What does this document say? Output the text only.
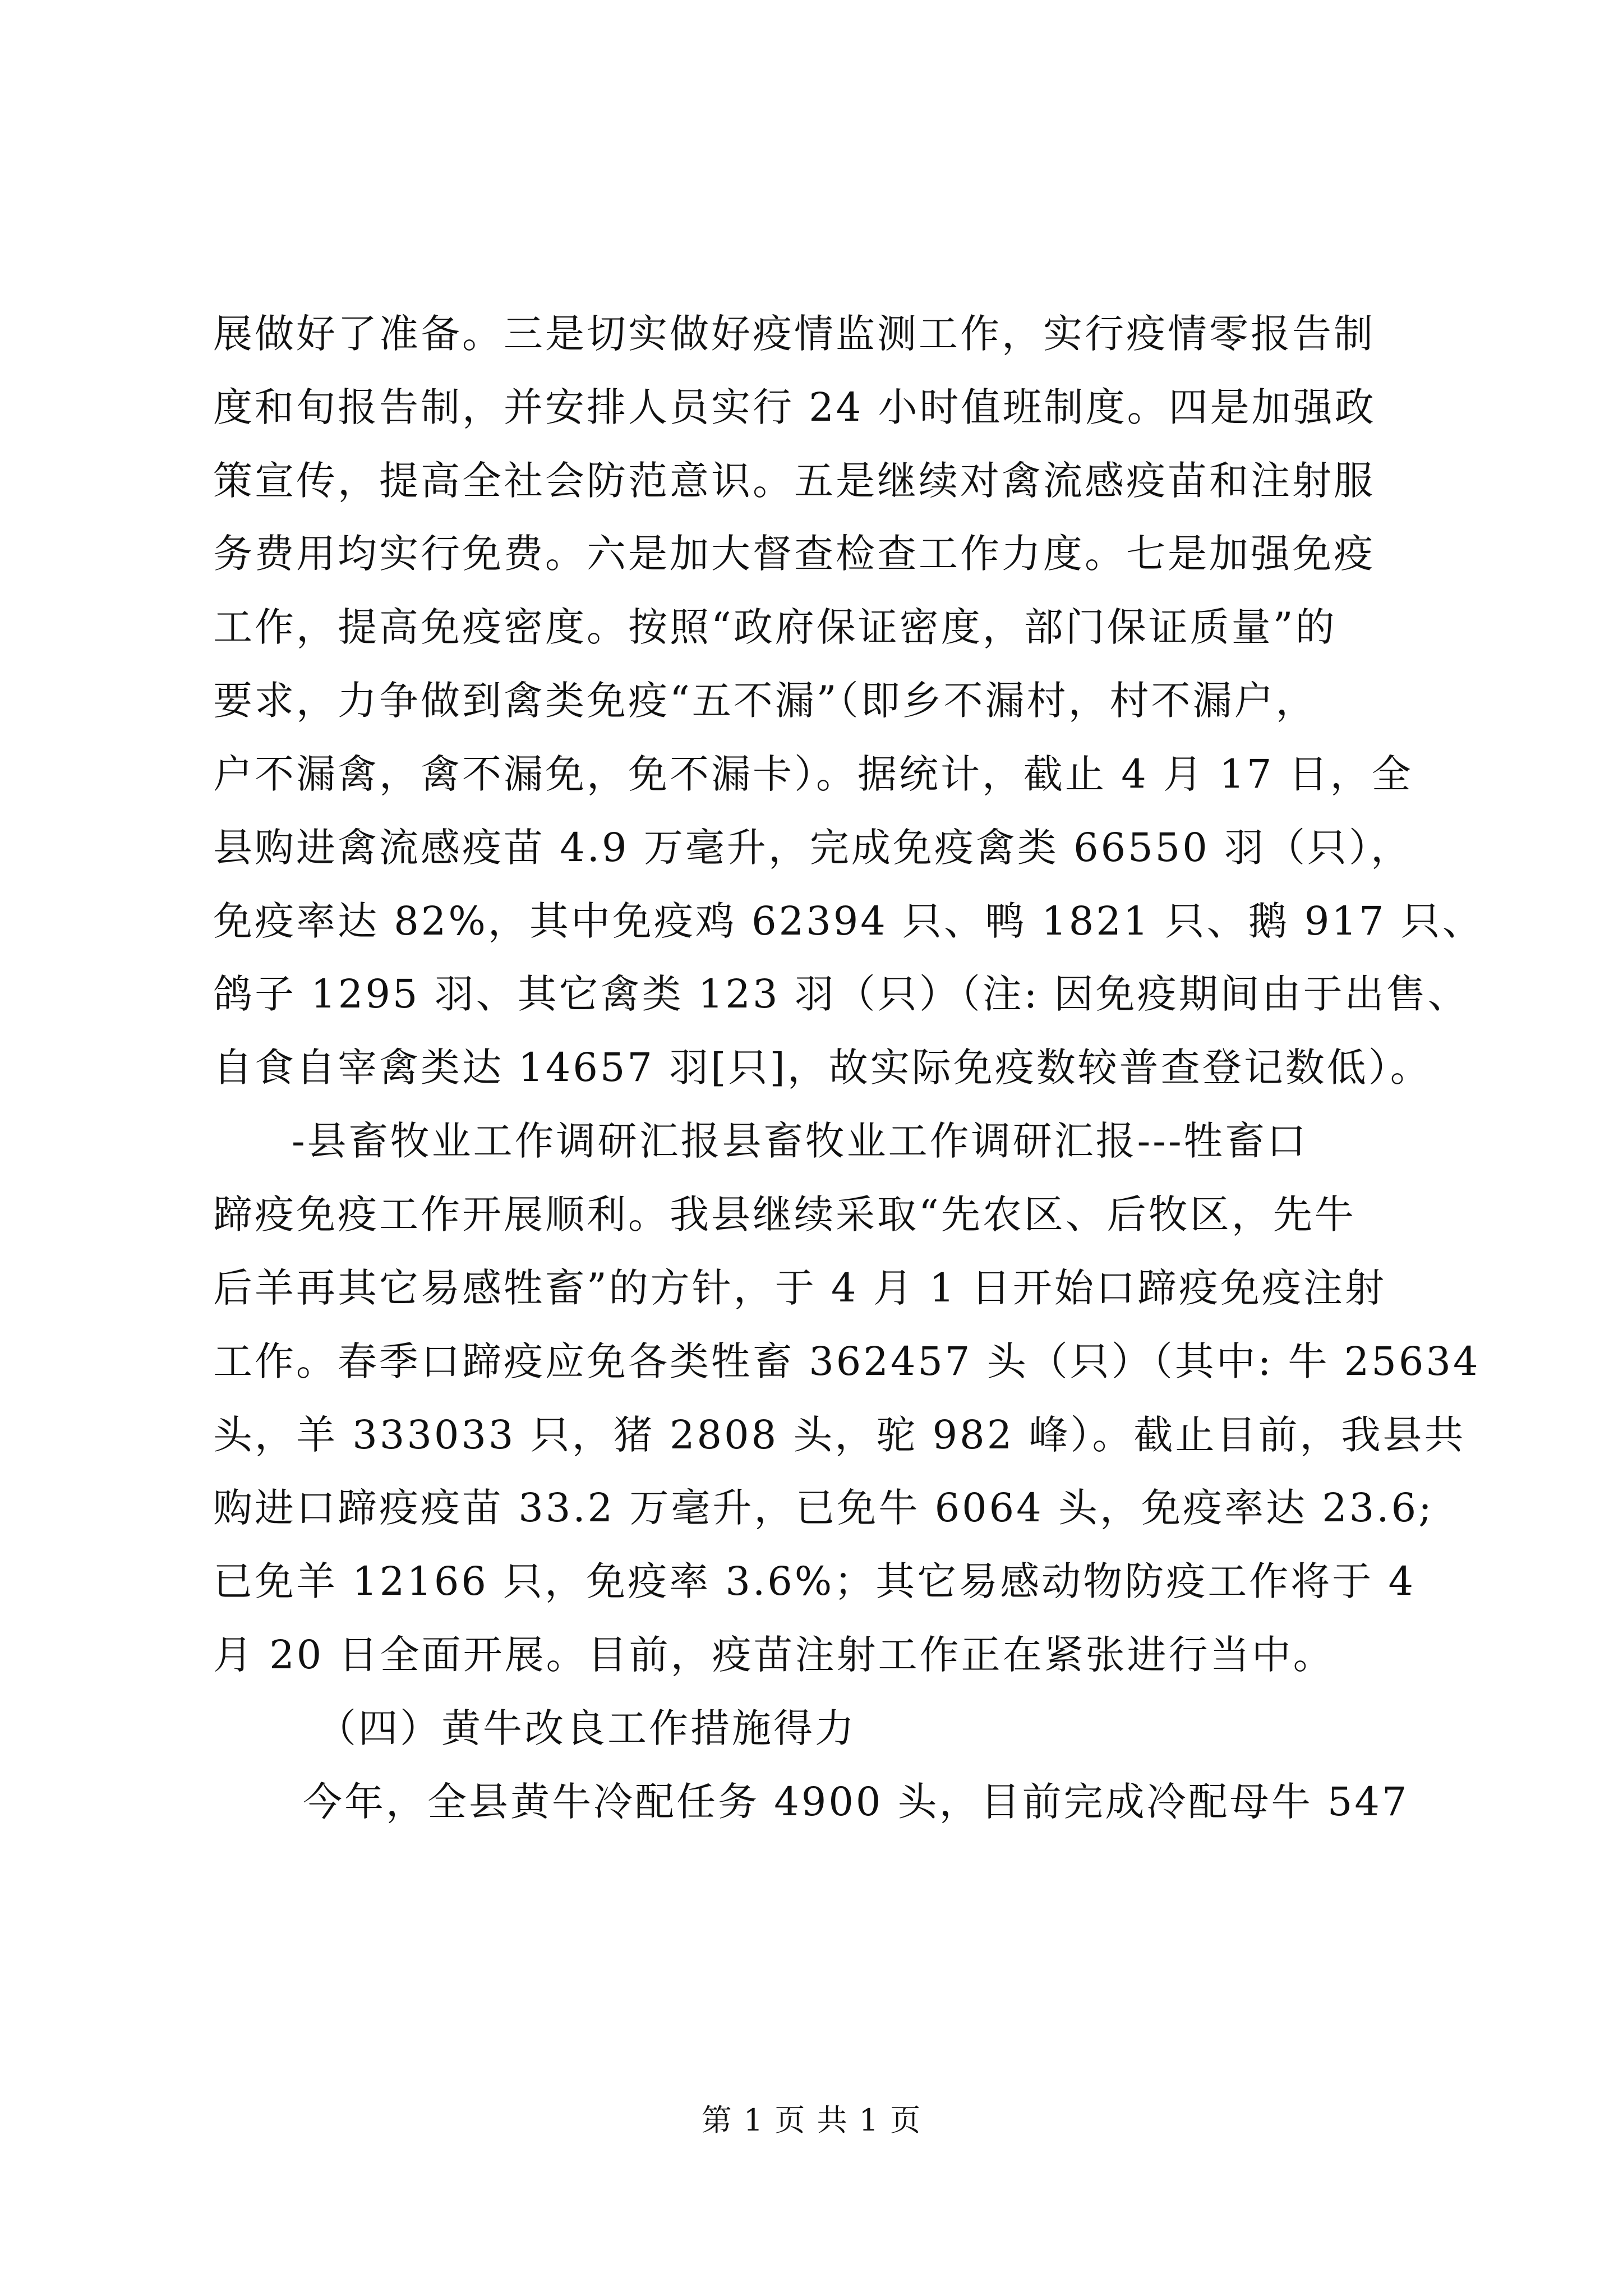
展做好了准备。三是切实做好疫情监测工作，实行疫情零报告制
度和旬报告制，并安排人员实行 24 小时值班制度。四是加强政
策宣传，提高全社会防范意识。五是继续对禽流感疫苗和注射服
务费用均实行免费。六是加大督查检查工作力度。七是加强免疫
工作，提高免疫密度。按照“政府保证密度，部门保证质量”的
要求，力争做到禽类免疫“五不漏”（即乡不漏村，村不漏户，
户不漏禽，禽不漏免，免不漏卡）。据统计，截止 4 月 17 日，全
县购进禽流感疫苗 4.9 万毫升，完成免疫禽类 66550 羽（只），
免疫率达 82%，其中免疫鸡 62394 只、鸭 1821 只、鹅 917 只、
鸽子 1295 羽、其它禽类 123 羽（只）（注: 因免疫期间由于出售、
自食自宰禽类达 14657 羽[只]，故实际免疫数较普查登记数低）。
-县畜牧业工作调研汇报县畜牧业工作调研汇报---牲畜口
蹄疫免疫工作开展顺利。我县继续采取“先农区、后牧区，先牛
后羊再其它易感牲畜”的方针，于 4 月 1 日开始口蹄疫免疫注射
工作。春季口蹄疫应免各类牲畜 362457 头（只）（其中: 牛 25634
头，羊 333033 只，猪 2808 头，驼 982 峰）。截止目前，我县共
购进口蹄疫疫苗 33.2 万毫升，已免牛 6064 头，免疫率达 23.6;
已免羊 12166 只，免疫率 3.6%；其它易感动物防疫工作将于 4
月 20 日全面开展。目前，疫苗注射工作正在紧张进行当中。
（四）黄牛改良工作措施得力
今年，全县黄牛冷配任务 4900 头，目前完成冷配母牛 547
第 1 页 共 1 页
